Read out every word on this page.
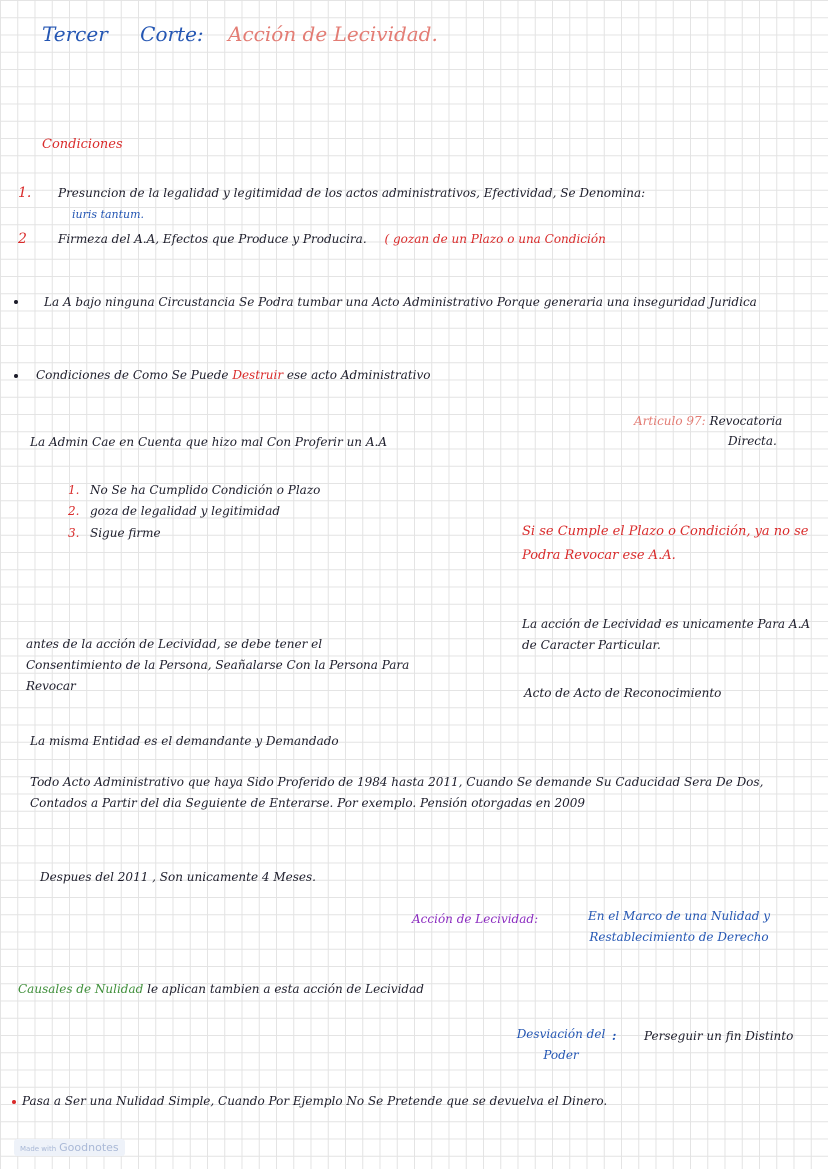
Tercer Corte: Acción de Lecividad.
Condiciones
1. Presuncion de la legalidad y legitimidad de los actos administrativos, Efectividad, Se Denomina:
iuris tantum.
2	Firmeza del A.A, Efectos que Produce y Producira. ( gozan de un Plazo o una Condición
La A bajo ninguna Circustancia Se Podra tumbar una Acto Administrativo Porque generaria una inseguridad Juridica
Condiciones de Como Se Puede Destruir ese acto Administrativo
Articulo 97: Revocatoria
Directa.
La Admin Cae en Cuenta que hizo mal Con Proferir un A.A
1. No Se ha Cumplido Condición o Plazo
2. goza de legalidad y legitimidad
3. Sigue firme	Si se Cumple el Plazo o Condición, ya no se Podra Revocar ese A.A.
La acción de Lecividad es unicamente Para A.A de Caracter Particular.
Acto de Acto de Reconocimiento
antes de la acción de Lecividad, se debe tener el Consentimiento de la Persona, Seañalarse Con la Persona Para Revocar
La misma Entidad es el demandante y Demandado
Todo Acto Administrativo que haya Sido Proferido de 1984 hasta 2011, Cuando Se demande Su Caducidad Sera De Dos, Contados a Partir del dia Seguiente de Enterarse. Por exemplo. Pensión otorgadas en 2009
Despues del 2011 , Son unicamente 4 Meses.
Acción de Lecividad:	En el Marco de una Nulidad y Restablecimiento de Derecho
Causales de Nulidad le aplican tambien a esta acción de Lecividad
Desviación del Poder
: Perseguir un fin Distinto
Pasa a Ser una Nulidad Simple, Cuando Por Ejemplo No Se Pretende que se devuelva el Dinero.
Made with Goodnotes
